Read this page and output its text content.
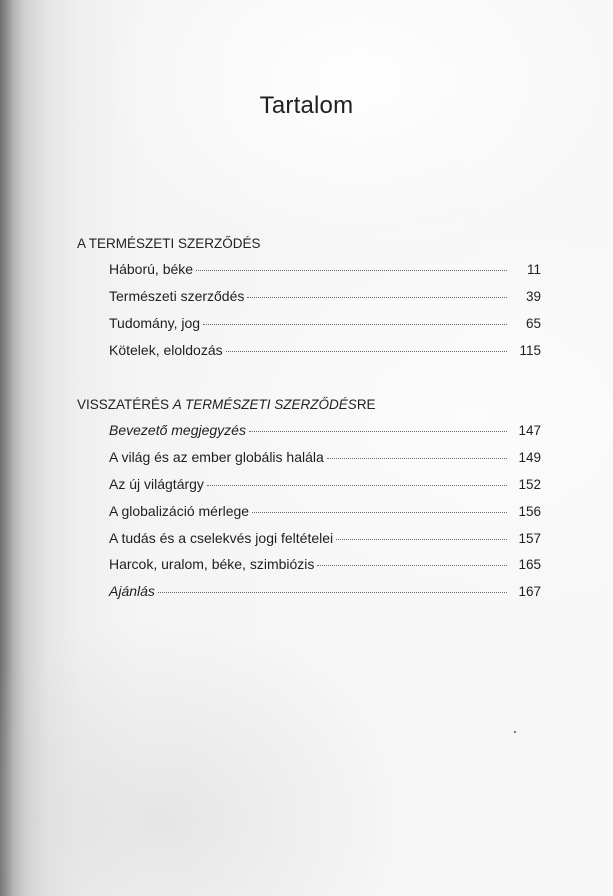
Tartalom
A TERMÉSZETI SZERZŐDÉS
Háború, béke	11
Természeti szerződés	39
Tudomány, jog	65
Kötelek, eloldozás	115
VISSZATÉRÉS A TERMÉSZETI SZERZŐDÉSRE
Bevezető megjegyzés	147
A világ és az ember globális halála	149
Az új világtárgy	152
A globalizáció mérlege	156
A tudás és a cselekvés jogi feltételei	157
Harcok, uralom, béke, szimbiózis	165
Ajánlás	167
